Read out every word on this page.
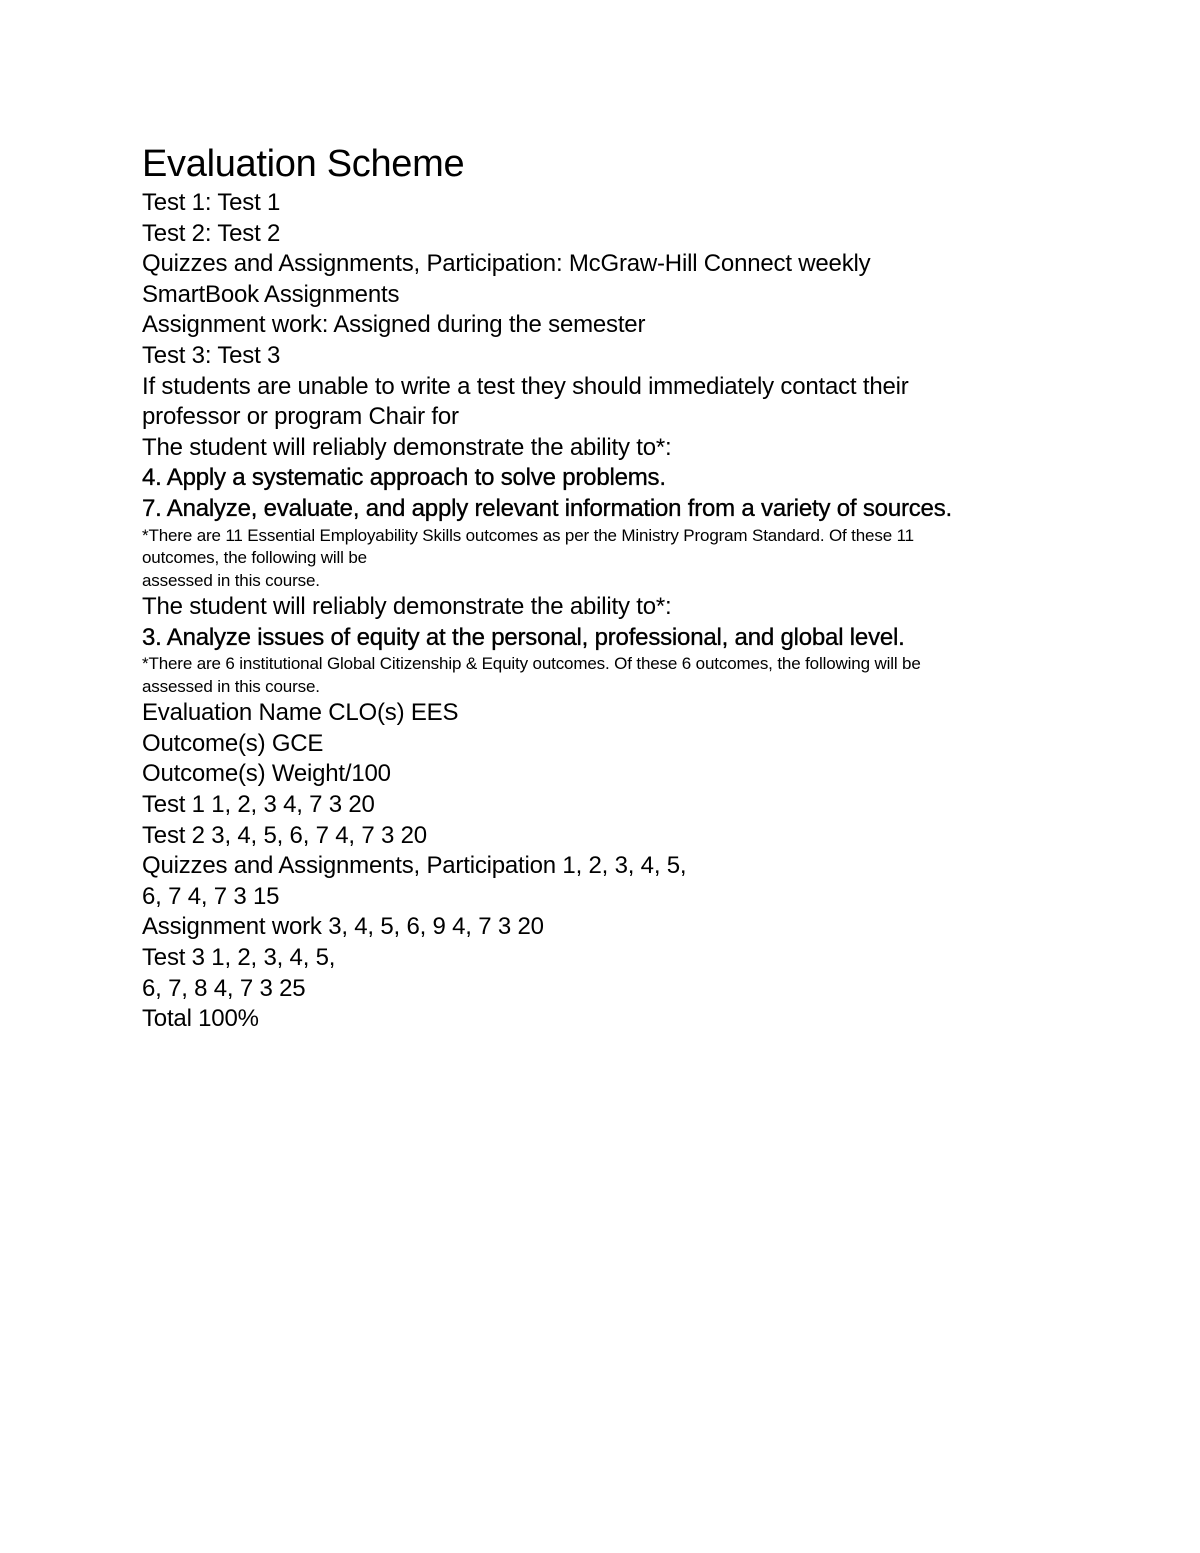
Evaluation Scheme

Test 1: Test 1

Test 2: Test 2

Quizzes and Assignments, Participation: McGraw-Hill Connect weekly

SmartBook Assignments

Assignment work: Assigned during the semester

Test 3: Test 3

If students are unable to write a test they should immediately contact their

professor or program Chair for

The student will reliably demonstrate the ability to*:

4. Apply a systematic approach to solve problems.

7. Analyze, evaluate, and apply relevant information from a variety of sources.

*There are 11 Essential Employability Skills outcomes as per the Ministry Program Standard. Of these 11

outcomes, the following will be

assessed in this course.

The student will reliably demonstrate the ability to*:

3. Analyze issues of equity at the personal, professional, and global level.

*There are 6 institutional Global Citizenship & Equity outcomes. Of these 6 outcomes, the following will be

assessed in this course.

Evaluation Name CLO(s) EES

Outcome(s) GCE

Outcome(s) Weight/100

Test 1 1, 2, 3 4, 7 3 20

Test 2 3, 4, 5, 6, 7 4, 7 3 20

Quizzes and Assignments, Participation 1, 2, 3, 4, 5,

6, 7 4, 7 3 15

Assignment work 3, 4, 5, 6, 9 4, 7 3 20

Test 3 1, 2, 3, 4, 5,

6, 7, 8 4, 7 3 25

Total 100%
